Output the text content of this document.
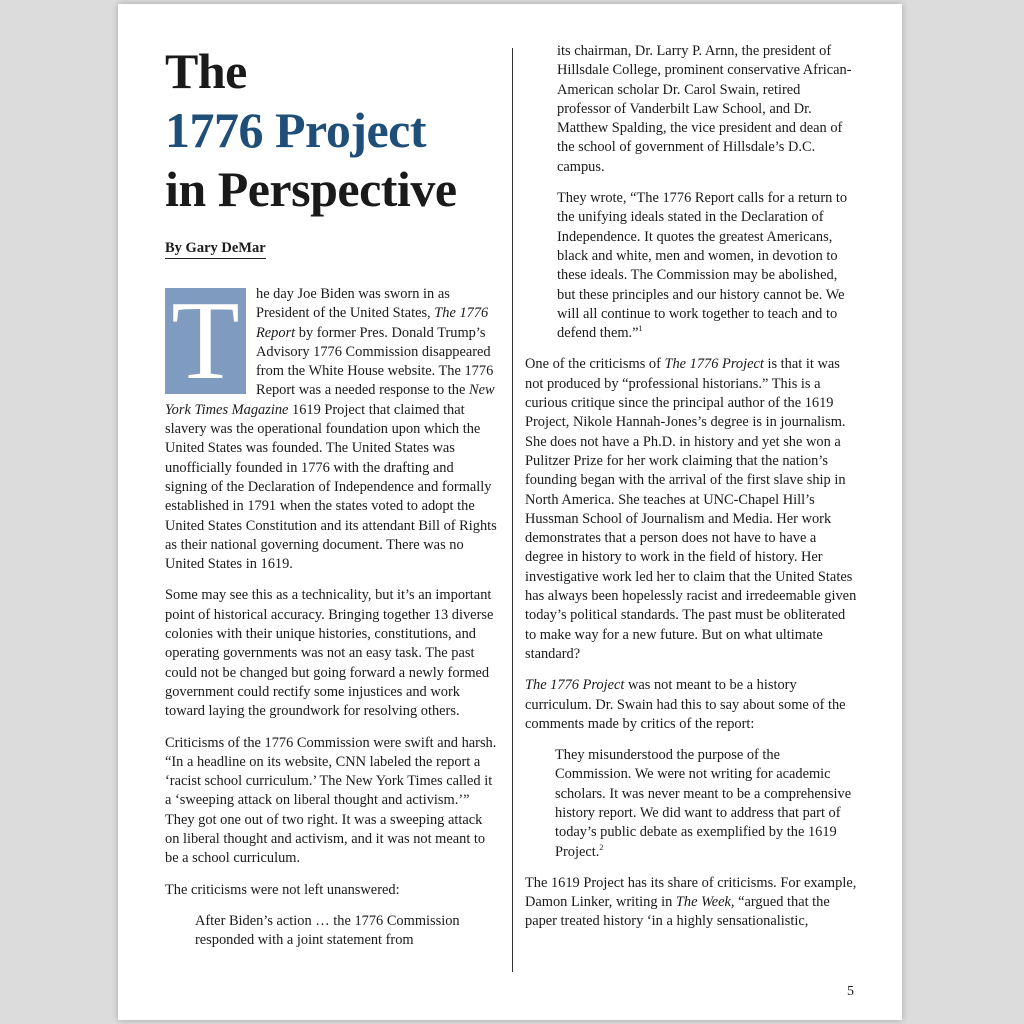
The
1776 Project
in Perspective
By Gary DeMar

T	he day Joe Biden was sworn in as President of the United States, The 1776 Report by former Pres. Donald Trump’s Advisory 1776 Commission disappeared from the White House website. The 1776 Report was a needed response to the New York Times Magazine 1619 Project that claimed that slavery was the operational foundation upon which the United States was founded. The United States was unofficially founded in 1776 with the drafting and signing of the Declaration of Independence and formally established in 1791 when the states voted to adopt the United States Constitution and its attendant Bill of Rights as their national governing document. There was no United States in 1619.

Some may see this as a technicality, but it’s an important point of historical accuracy. Bringing together 13 diverse colonies with their unique histories, constitutions, and operating governments was not an easy task. The past could not be changed but going forward a newly formed government could rectify some injustices and work toward laying the groundwork for resolving others.

Criticisms of the 1776 Commission were swift and harsh. “In a headline on its website, CNN labeled the report a ‘racist school curriculum.’ The New York Times called it a ‘sweeping attack on liberal thought and activism.’” They got one out of two right. It was a sweeping attack on liberal thought and activism, and it was not meant to be a school curriculum.

The criticisms were not left unanswered:

After Biden’s action … the 1776 Commission responded with a joint statement from

its chairman, Dr. Larry P. Arnn, the president of Hillsdale College, prominent conservative African-American scholar Dr. Carol Swain, retired professor of Vanderbilt Law School, and Dr. Matthew Spalding, the vice president and dean of the school of government of Hillsdale’s D.C. campus.

They wrote, “The 1776 Report calls for a return to the unifying ideals stated in the Declaration of Independence. It quotes the greatest Americans, black and white, men and women, in devotion to these ideals. The Commission may be abolished, but these principles and our history cannot be. We will all continue to work together to teach and to defend them.”$^1$

One of the criticisms of The 1776 Project is that it was not produced by “professional historians.” This is a curious critique since the principal author of the 1619 Project, Nikole Hannah-Jones’s degree is in journalism. She does not have a Ph.D. in history and yet she won a Pulitzer Prize for her work claiming that the nation’s founding began with the arrival of the first slave ship in North America. She teaches at UNC-Chapel Hill’s Hussman School of Journalism and Media. Her work demonstrates that a person does not have to have a degree in history to work in the field of history. Her investigative work led her to claim that the United States has always been hopelessly racist and irredeemable given today’s political standards. The past must be obliterated to make way for a new future. But on what ultimate standard?

The 1776 Project was not meant to be a history curriculum. Dr. Swain had this to say about some of the comments made by critics of the report:

They misunderstood the purpose of the Commission. We were not writing for academic scholars. It was never meant to be a comprehensive history report. We did want to address that part of today’s public debate as exemplified by the 1619 Project.$^2$

The 1619 Project has its share of criticisms. For example, Damon Linker, writing in The Week, “argued that the paper treated history ‘in a highly sensationalistic,

5
